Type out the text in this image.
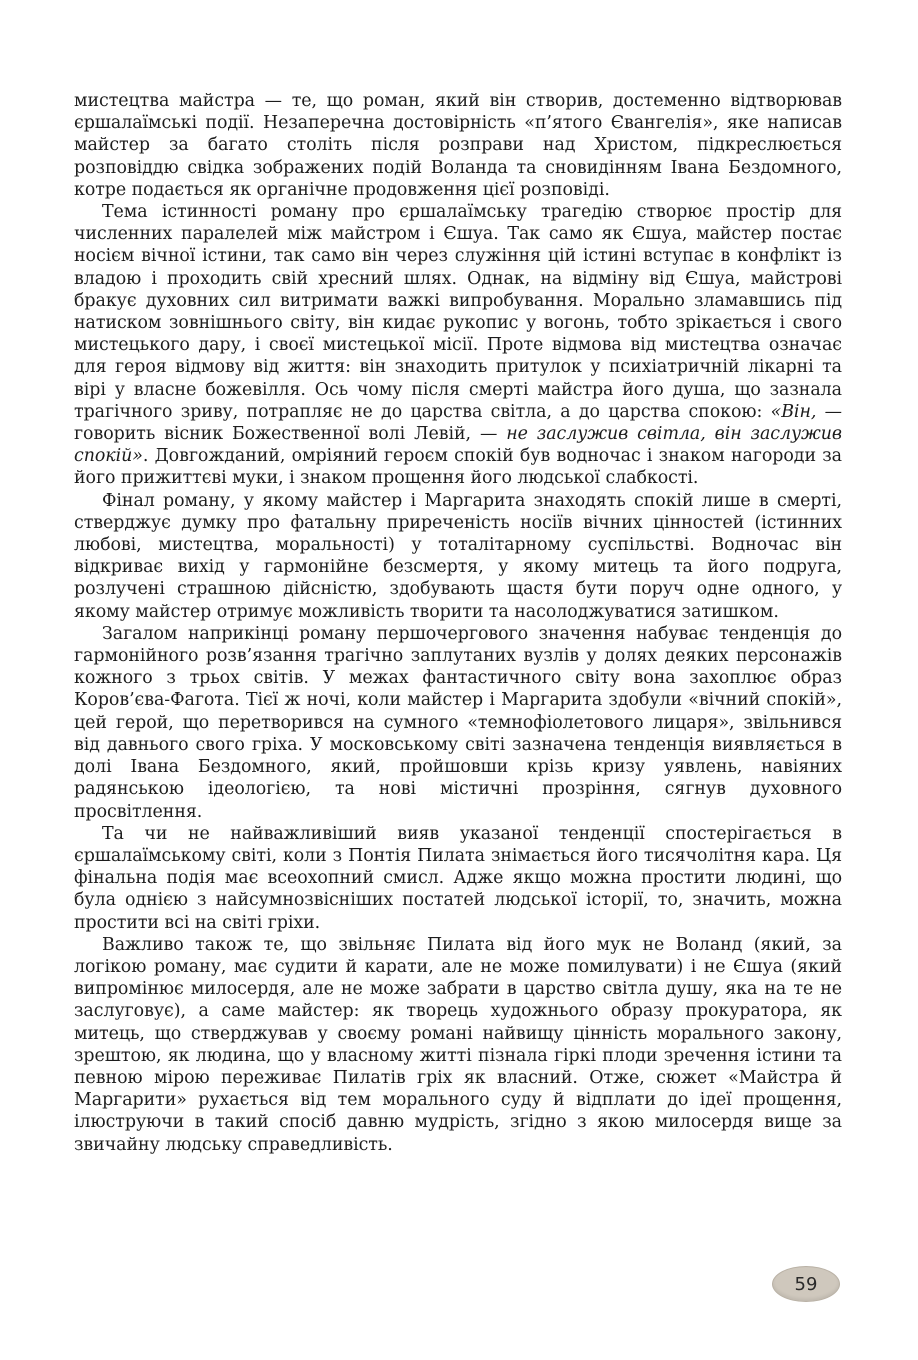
мистецтва майстра — те, що роман, який він створив, достеменно відтворював єршалаїмські події. Незаперечна достовірність «п’ятого Євангелія», яке написав майстер за багато століть після розправи над Христом, підкреслюється розповіддю свідка зображених подій Воланда та сновидінням Івана Бездомного, котре подається як органічне продовження цієї розповіді.

Тема істинності роману про єршалаїмську трагедію створює простір для численних паралелей між майстром і Єшуа. Так само як Єшуа, майстер постає носієм вічної істини, так само він через служіння цій істині вступає в конфлікт із владою і проходить свій хресний шлях. Однак, на відміну від Єшуа, майстрові бракує духовних сил витримати важкі випробування. Морально зламавшись під натиском зовнішнього світу, він кидає рукопис у вогонь, тобто зрікається і свого мистецького дару, і своєї мистецької місії. Проте відмова від мистецтва означає для героя відмову від життя: він знаходить притулок у психіатричній лікарні та вірі у власне божевілля. Ось чому після смерті майстра його душа, що зазнала трагічного зриву, потрапляє не до царства світла, а до царства спокою: «Він, — говорить вісник Божественної волі Левій, — не заслужив світла, він заслужив спокій». Довгожданий, омріяний героєм спокій був водночас і знаком нагороди за його прижиттєві муки, і знаком прощення його людської слабкості.

Фінал роману, у якому майстер і Маргарита знаходять спокій лише в смерті, стверджує думку про фатальну приреченість носіїв вічних цінностей (істинних любові, мистецтва, моральності) у тоталітарному суспільстві. Водночас він відкриває вихід у гармонійне безсмертя, у якому митець та його подруга, розлучені страшною дійсністю, здобувають щастя бути поруч одне одного, у якому майстер отримує можливість творити та насолоджуватися затишком.

Загалом наприкінці роману першочергового значення набуває тенденція до гармонійного розв’язання трагічно заплутаних вузлів у долях деяких персонажів кожного з трьох світів. У межах фантастичного світу вона захоплює образ Коров’єва-Фагота. Тієї ж ночі, коли майстер і Маргарита здобули «вічний спокій», цей герой, що перетворився на сумного «темнофіолетового лицаря», звільнився від давнього свого гріха. У московському світі зазначена тенденція виявляється в долі Івана Бездомного, який, пройшовши крізь кризу уявлень, навіяних радянською ідеологією, та нові містичні прозріння, сягнув духовного просвітлення.

Та чи не найважливіший вияв указаної тенденції спостерігається в єршалаїмському світі, коли з Понтія Пилата знімається його тисячолітня кара. Ця фінальна подія має всеохопний смисл. Адже якщо можна простити людині, що була однією з найсумнозвісніших постатей людської історії, то, значить, можна простити всі на світі гріхи.

Важливо також те, що звільняє Пилата від його мук не Воланд (який, за логікою роману, має судити й карати, але не може помилувати) і не Єшуа (який випромінює милосердя, але не може забрати в царство світла душу, яка на те не заслуговує), а саме майстер: як творець художнього образу прокуратора, як митець, що стверджував у своєму романі найвищу цінність морального закону, зрештою, як людина, що у власному житті пізнала гіркі плоди зречення істини та певною мірою переживає Пилатів гріх як власний. Отже, сюжет «Майстра й Маргарити» рухається від тем морального суду й відплати до ідеї прощення, ілюструючи в такий спосіб давню мудрість, згідно з якою милосердя вище за звичайну людську справедливість.

59
